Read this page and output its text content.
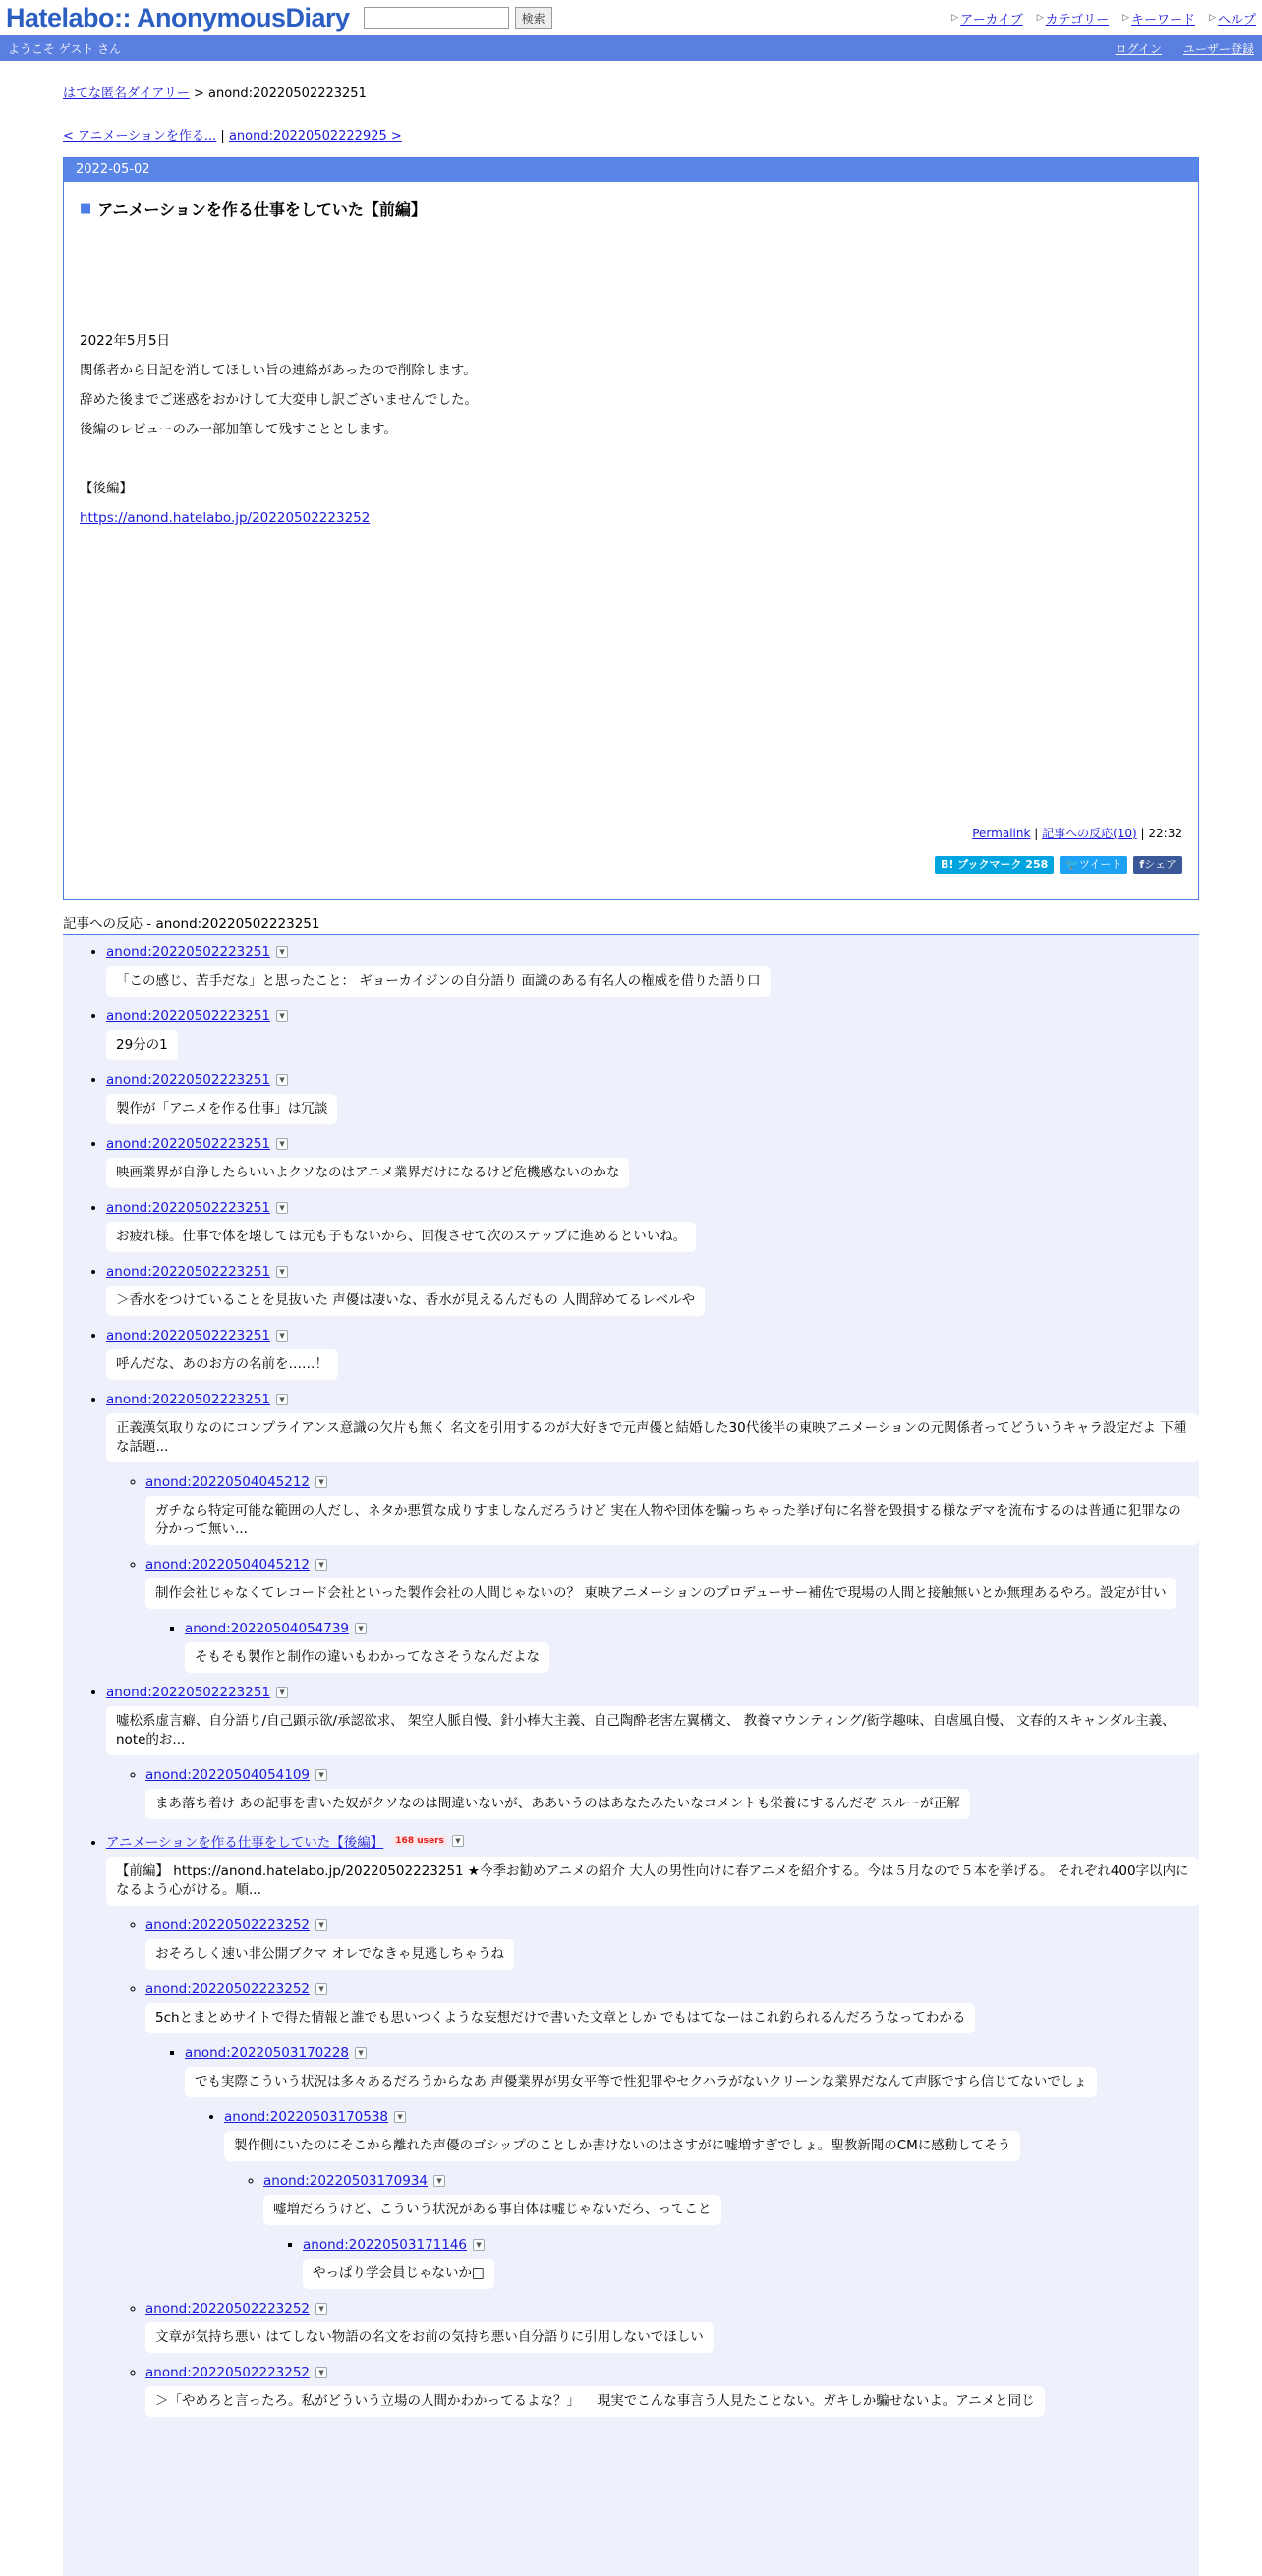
Hatelabo:: AnonymousDiary	検索	▷ アーカイブ ▷ カテゴリー ▷ キーワード ▷ ヘルプ
ようこそ ゲスト さん	ログイン ユーザー登録
はてな匿名ダイアリー > anond:20220502223251
< アニメーションを作る... | anond:20220502222925 >
2022-05-02
■ アニメーションを作る仕事をしていた【前編】

2022年5月5日

関係者から日記を消してほしい旨の連絡があったので削除します。

辞めた後までご迷惑をおかけして大変申し訳ございませんでした。

後編のレビューのみ一部加筆して残すこととします。

【後編】

https://anond.hatelabo.jp/20220502223252

Permalink | 記事への反応(10) | 22:32
B! ブックマーク 258	🐦ツイート	fシェア
記事への反応 - anond:20220502223251
• anond:20220502223251	▼
「この感じ、苦手だな」と思ったこと： ギョーカイジンの自分語り 面識のある有名人の権威を借りた語り口
• anond:20220502223251	▼
29分の1
• anond:20220502223251	▼
製作が「アニメを作る仕事」は冗談
• anond:20220502223251	▼
映画業界が自浄したらいいよクソなのはアニメ業界だけになるけど危機感ないのかな
• anond:20220502223251	▼
お疲れ様。仕事で体を壊しては元も子もないから、回復させて次のステップに進めるといいね。
• anond:20220502223251	▼
＞香水をつけていることを見抜いた 声優は凄いな、香水が見えるんだもの 人間辞めてるレベルや
• anond:20220502223251	▼
呼んだな、あのお方の名前を……！
• anond:20220502223251	▼
正義漢気取りなのにコンプライアンス意識の欠片も無く 名文を引用するのが大好きで元声優と結婚した30代後半の東映アニメーションの元関係者ってどういうキャラ設定だよ 下種な話題...
◦ anond:20220504045212	▼
ガチなら特定可能な範囲の人だし、ネタか悪質な成りすましなんだろうけど 実在人物や団体を騙っちゃった挙げ句に名誉を毀損する様なデマを流布するのは普通に犯罪なの分かって無い...
◦ anond:20220504045212	▼
制作会社じゃなくてレコード会社といった製作会社の人間じゃないの？ 東映アニメーションのプロデューサー補佐で現場の人間と接触無いとか無理あるやろ。設定が甘い
▪ anond:20220504054739	▼
そもそも製作と制作の違いもわかってなさそうなんだよな
• anond:20220502223251	▼
嘘松系虚言癖、自分語り/自己顕示欲/承認欲求、 架空人脈自慢、針小棒大主義、自己陶酔老害左翼構文、 教養マウンティング/衒学趣味、自虐風自慢、 文春的スキャンダル主義、note的お...
◦ anond:20220504054109	▼
まあ落ち着け あの記事を書いた奴がクソなのは間違いないが、ああいうのはあなたみたいなコメントも栄養にするんだぞ スルーが正解
• アニメーションを作る仕事をしていた【後編】 168 users	▼
【前編】 https://anond.hatelabo.jp/20220502223251 ★今季お勧めアニメの紹介 大人の男性向けに春アニメを紹介する。今は５月なので５本を挙げる。 それぞれ400字以内になるよう心がける。順...
◦ anond:20220502223252	▼
おそろしく速い非公開ブクマ オレでなきゃ見逃しちゃうね
◦ anond:20220502223252	▼
5chとまとめサイトで得た情報と誰でも思いつくような妄想だけで書いた文章としか でもはてなーはこれ釣られるんだろうなってわかる
▪ anond:20220503170228	▼
でも実際こういう状況は多々あるだろうからなあ 声優業界が男女平等で性犯罪やセクハラがないクリーンな業界だなんて声豚ですら信じてないでしょ
• anond:20220503170538	▼
製作側にいたのにそこから離れた声優のゴシップのことしか書けないのはさすがに嘘増すぎでしょ。聖教新聞のCMに感動してそう
◦ anond:20220503170934	▼
嘘増だろうけど、こういう状況がある事自体は嘘じゃないだろ、ってこと
▪ anond:20220503171146	▼
やっぱり学会員じゃないか□
◦ anond:20220502223252	▼
文章が気持ち悪い はてしない物語の名文をお前の気持ち悪い自分語りに引用しないでほしい
◦ anond:20220502223252	▼
＞「やめろと言ったろ。私がどういう立場の人間かわかってるよな？」 　現実でこんな事言う人見たことない。ガキしか騙せないよ。アニメと同じ
